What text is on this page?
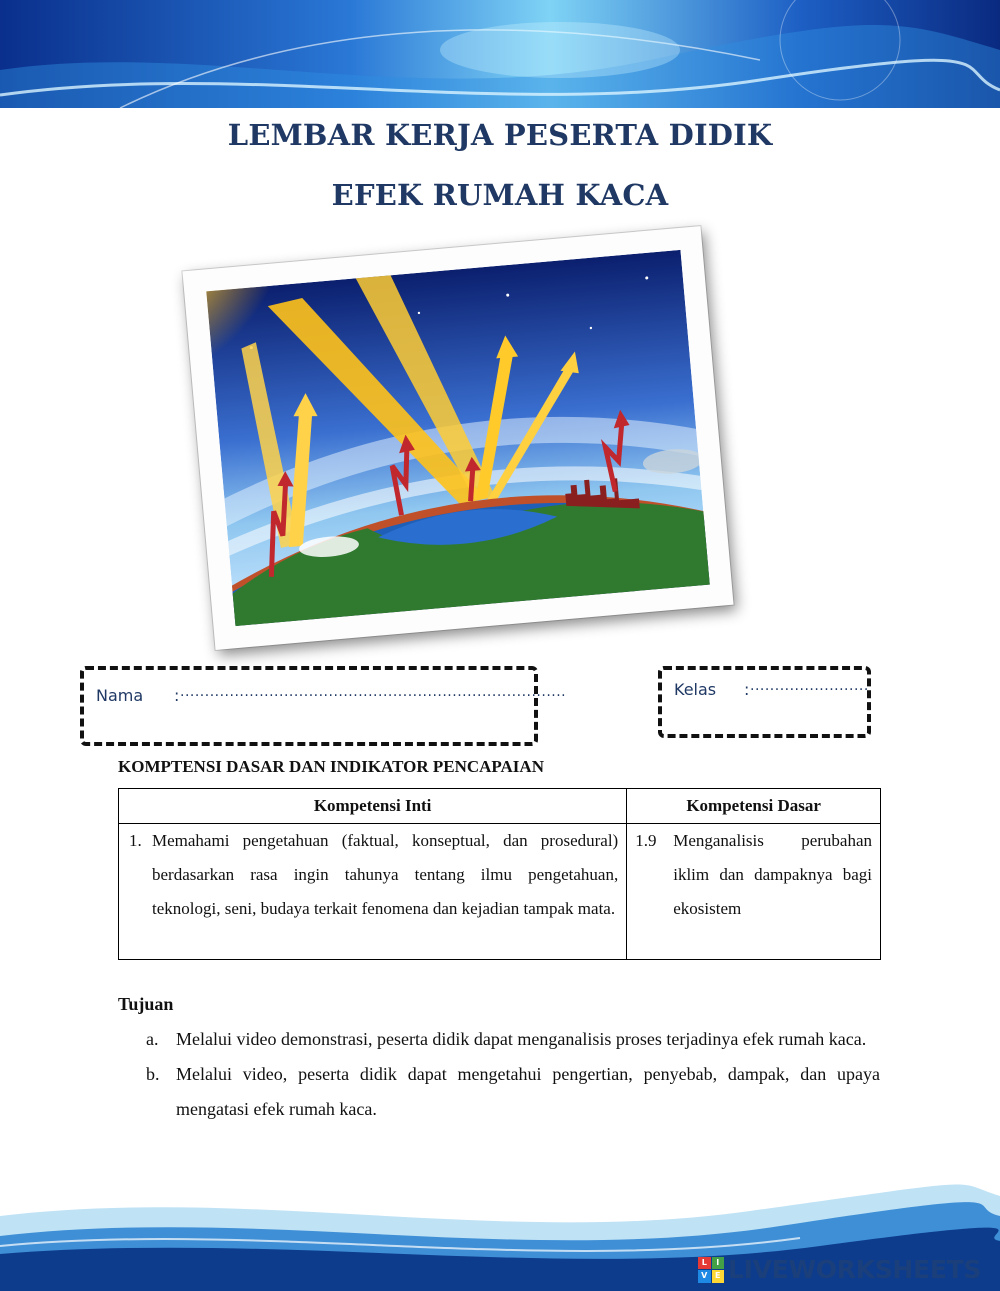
LEMBAR KERJA PESERTA DIDIK
EFEK RUMAH KACA
Nama : ..............................................................................	Kelas : ........................
KOMPTENSI DASAR DAN INDIKATOR PENCAPAIAN
Kompetensi Inti	Kompetensi Dasar

1. Memahami pengetahuan (faktual, konseptual, dan prosedural) berdasarkan rasa ingin tahunya tentang ilmu pengetahuan, teknologi, seni, budaya terkait fenomena dan kejadian tampak mata.	1.9 Menganalisis perubahan iklim dan dampaknya bagi ekosistem
Tujuan
a. Melalui video demonstrasi, peserta didik dapat menganalisis proses terjadinya efek rumah kaca.
b. Melalui video, peserta didik dapat mengetahui pengertian, penyebab, dampak, dan upaya mengatasi efek rumah kaca.
L	I
V E LIVEWORKSHEETS
